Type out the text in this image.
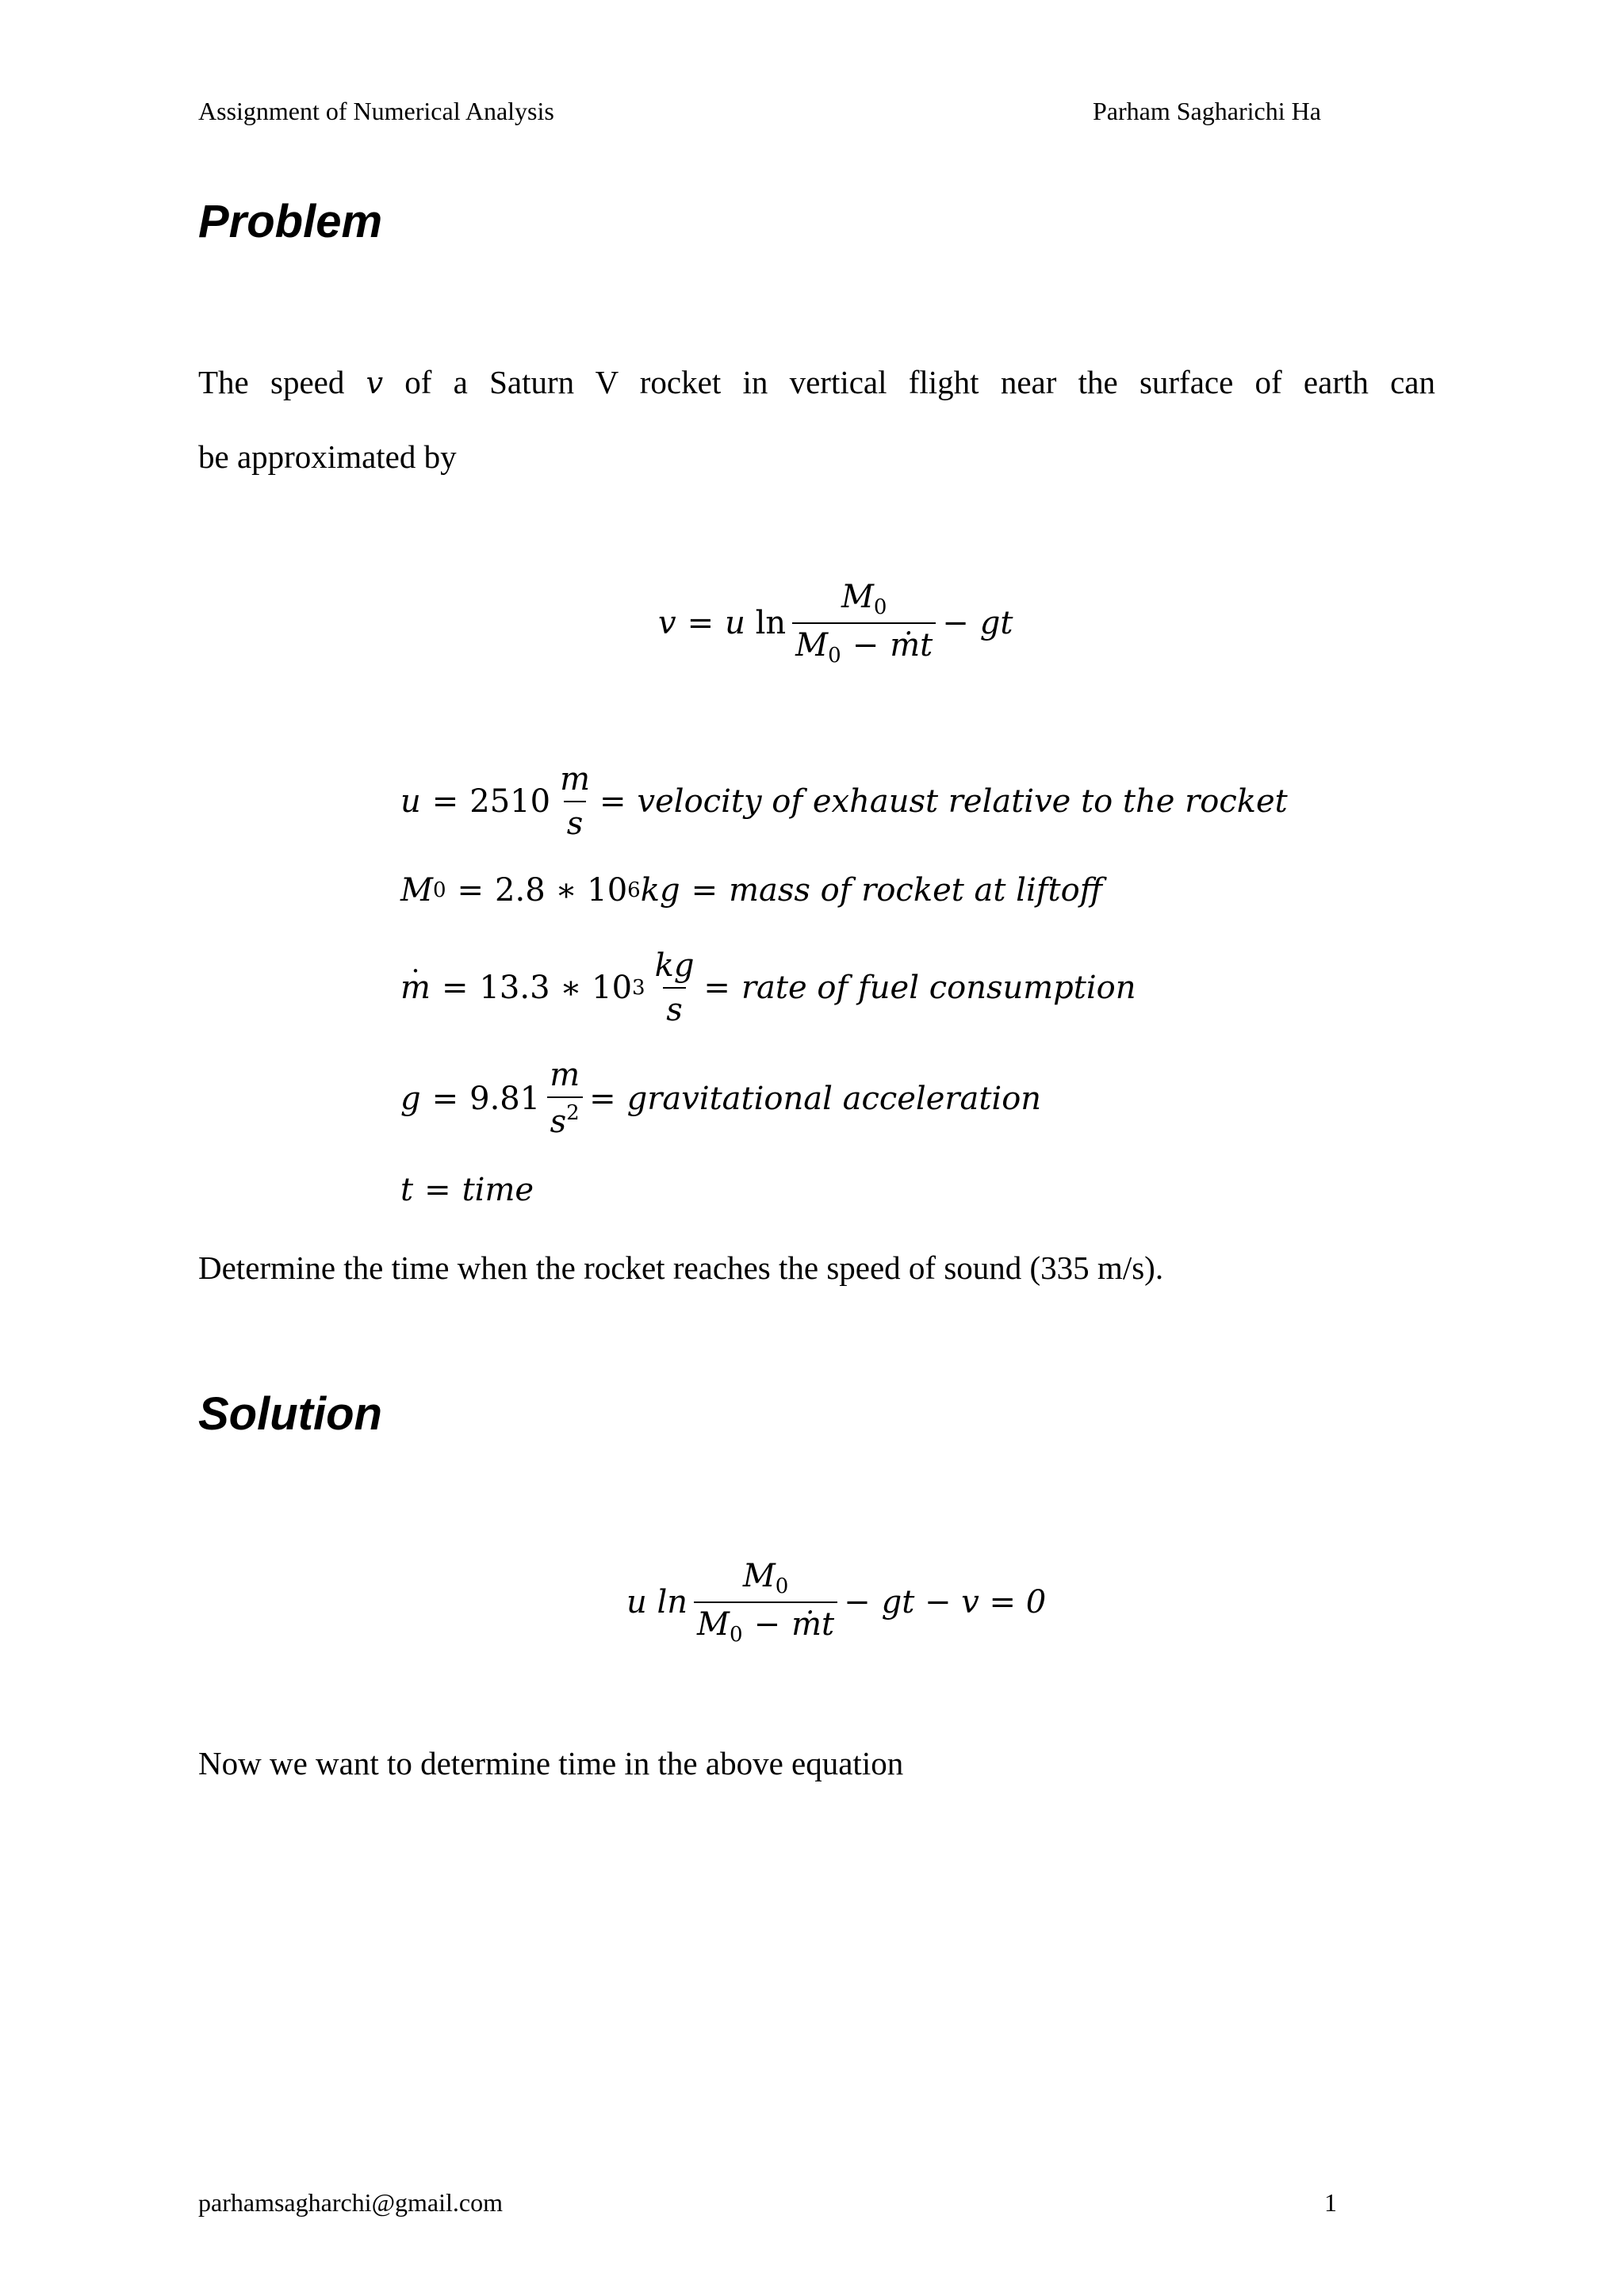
Assignment of Numerical Analysis	Parham Sagharichi Ha
Problem
The speed v of a Saturn V rocket in vertical flight near the surface of earth can
be approximated by
v = u
$\ln \frac{M_0}{M_0 - ṁt}$ − gt
$u = 2510 \frac{m}{s}$ = velocity of exhaust relative to the rocket
M 0 = 2.8 ∗ 10 6 kg = mass of rocket at liftoff
m · = 13.3 ∗ 10 $3 \frac{kg}{s}$ = rate of fuel consumption
$g = 9.81 \frac{m}{s^2}$ = gravitational acceleration
t = time
Determine the time when the rocket reaches the speed of sound (335 m/s).
Solution
u
$\ln \frac{M_0}{M_0 - ṁt}$ − gt − v = 0
Now we want to determine time in the above equation
parhamsagharchi@gmail.com	1
